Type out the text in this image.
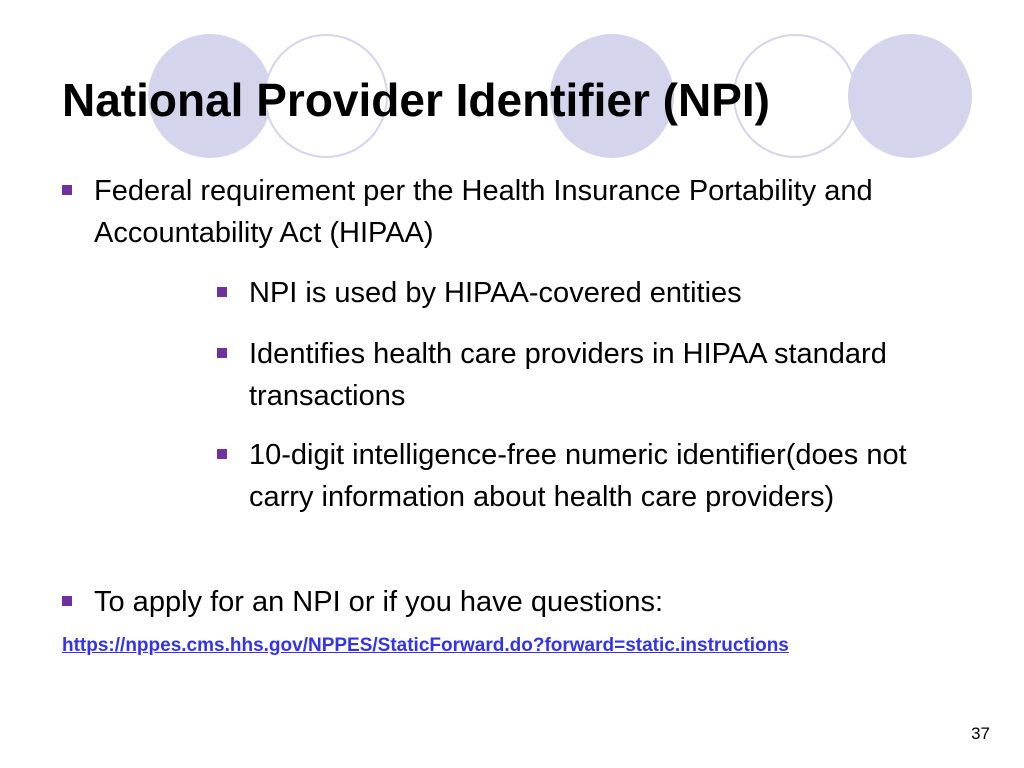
National Provider Identifier (NPI)
Federal requirement per the Health Insurance Portability and Accountability Act (HIPAA)
NPI is used by HIPAA-covered entities
Identifies health care providers in HIPAA standard transactions
10-digit intelligence-free numeric identifier(does not carry information about health care providers)
To apply for an NPI or if you have questions:
https://nppes.cms.hhs.gov/NPPES/StaticForward.do?forward=static.instructions
37
